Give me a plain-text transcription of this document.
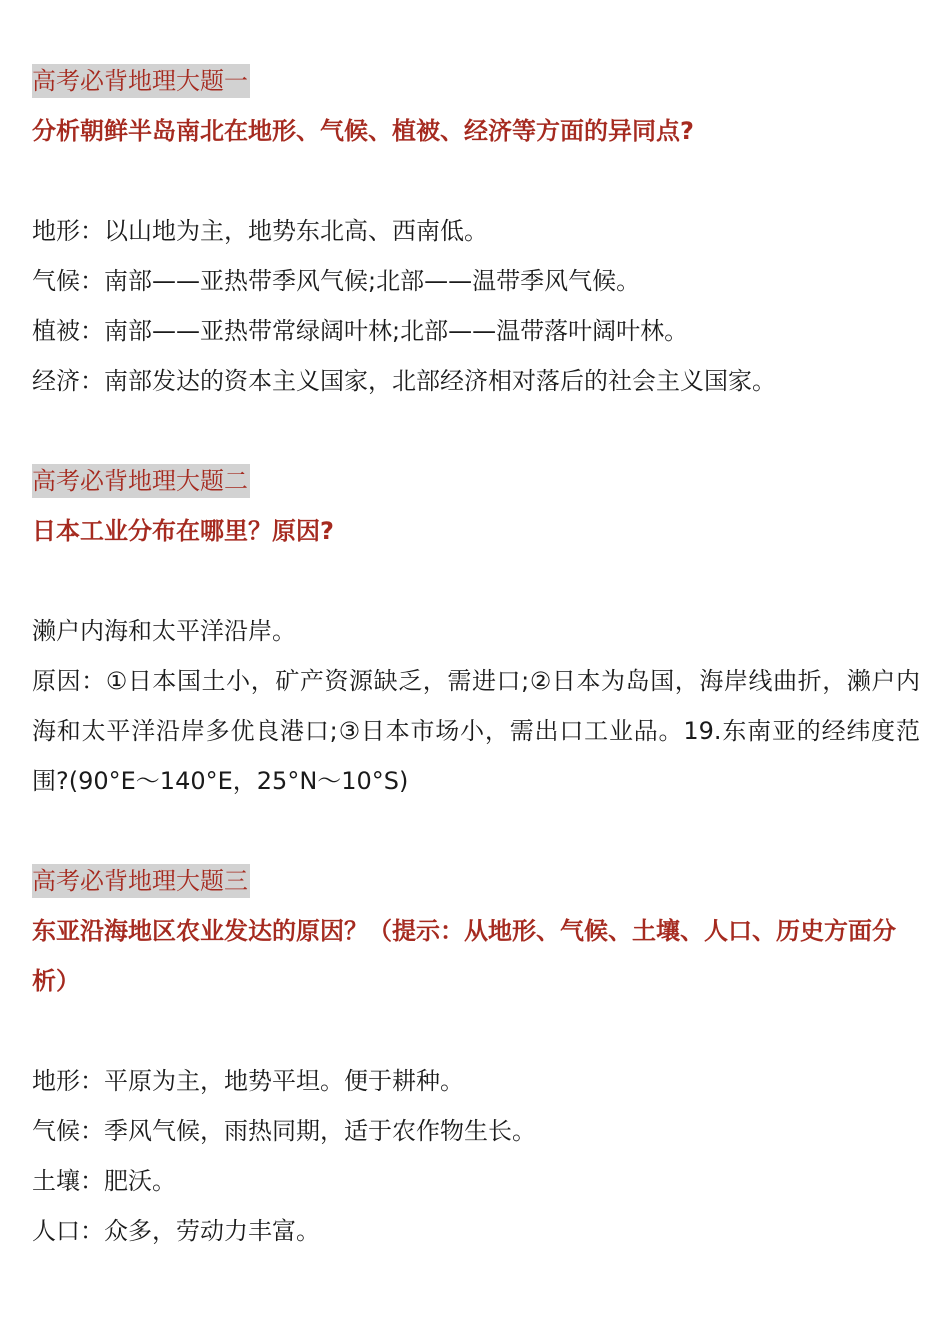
高考必背地理大题一

分析朝鲜半岛南北在地形、气候、植被、经济等方面的异同点?

地形：以山地为主，地势东北高、西南低。

气候：南部——亚热带季风气候;北部——温带季风气候。

植被：南部——亚热带常绿阔叶林;北部——温带落叶阔叶林。

经济：南部发达的资本主义国家，北部经济相对落后的社会主义国家。

高考必背地理大题二

日本工业分布在哪里？原因?

濑户内海和太平洋沿岸。

原因：①日本国土小，矿产资源缺乏，需进口;②日本为岛国，海岸线曲折，濑户内海和太平洋沿岸多优良港口;③日本市场小，需出口工业品。19.东南亚的经纬度范围?(90°E～140°E，25°N～10°S)

高考必背地理大题三

东亚沿海地区农业发达的原因？（提示：从地形、气候、土壤、人口、历史方面分析）

地形：平原为主，地势平坦。便于耕种。

气候：季风气候，雨热同期，适于农作物生长。

土壤：肥沃。

人口：众多，劳动力丰富。
